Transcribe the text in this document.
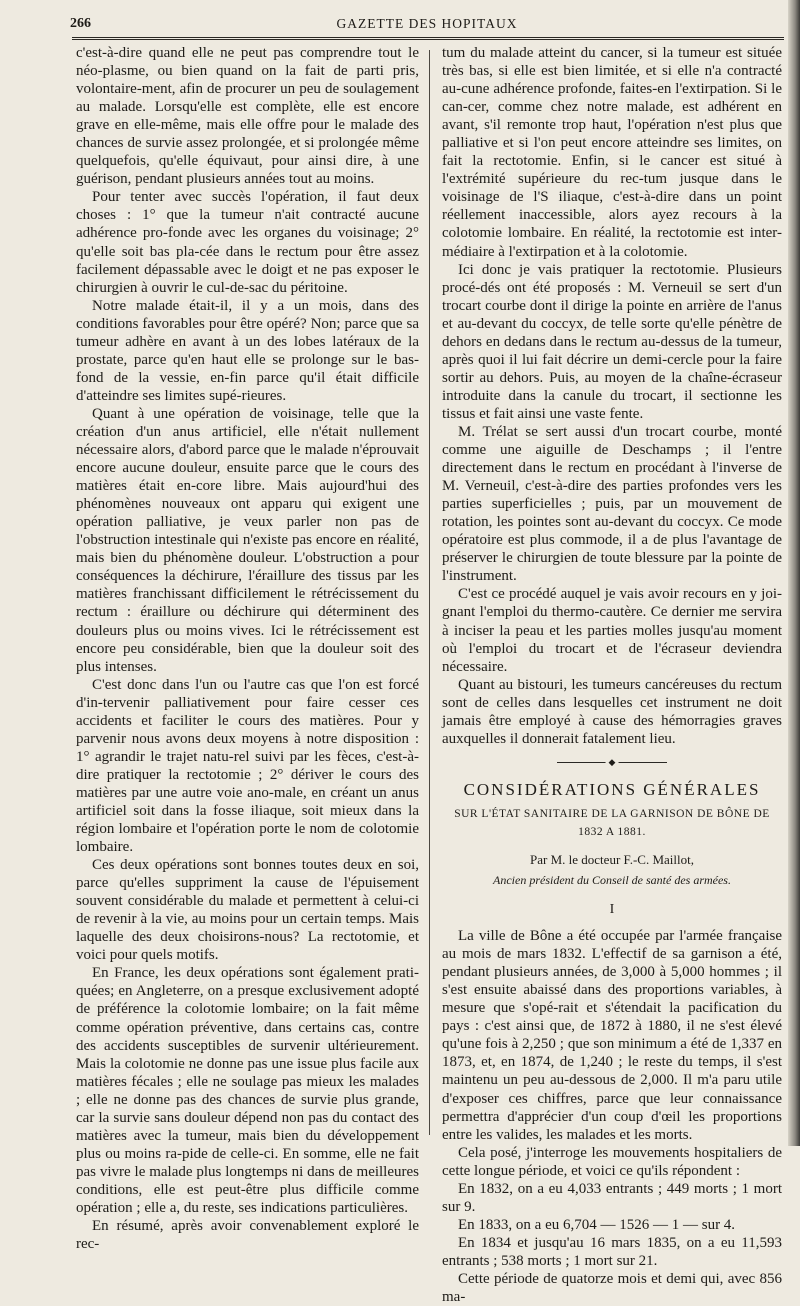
266	GAZETTE DES HOPITAUX

c'est-à-dire quand elle ne peut pas comprendre tout le néo-plasme, ou bien quand on la fait de parti pris, volontaire-ment, afin de procurer un peu de soulagement au malade. Lorsqu'elle est complète, elle est encore grave en elle-même, mais elle offre pour le malade des chances de survie assez prolongée, et si prolongée même quelquefois, qu'elle équivaut, pour ainsi dire, à une guérison, pendant plusieurs années tout au moins.

Pour tenter avec succès l'opération, il faut deux choses : 1° que la tumeur n'ait contracté aucune adhérence pro-fonde avec les organes du voisinage; 2° qu'elle soit bas pla-cée dans le rectum pour être assez facilement dépassable avec le doigt et ne pas exposer le chirurgien à ouvrir le cul-de-sac du péritoine.

Notre malade était-il, il y a un mois, dans des conditions favorables pour être opéré? Non; parce que sa tumeur adhère en avant à un des lobes latéraux de la prostate, parce qu'en haut elle se prolonge sur le bas-fond de la vessie, en-fin parce qu'il était difficile d'atteindre ses limites supé-rieures.

Quant à une opération de voisinage, telle que la création d'un anus artificiel, elle n'était nullement nécessaire alors, d'abord parce que le malade n'éprouvait encore aucune douleur, ensuite parce que le cours des matières était en-core libre. Mais aujourd'hui des phénomènes nouveaux ont apparu qui exigent une opération palliative, je veux parler non pas de l'obstruction intestinale qui n'existe pas encore en réalité, mais bien du phénomène douleur. L'obstruction a pour conséquences la déchirure, l'éraillure des tissus par les matières franchissant difficilement le rétrécissement du rectum : éraillure ou déchirure qui déterminent des douleurs plus ou moins vives. Ici le rétrécissement est encore peu considérable, bien que la douleur soit des plus intenses.

C'est donc dans l'un ou l'autre cas que l'on est forcé d'in-tervenir palliativement pour faire cesser ces accidents et faciliter le cours des matières. Pour y parvenir nous avons deux moyens à notre disposition : 1° agrandir le trajet natu-rel suivi par les fèces, c'est-à-dire pratiquer la rectotomie ; 2° dériver le cours des matières par une autre voie ano-male, en créant un anus artificiel soit dans la fosse iliaque, soit mieux dans la région lombaire et l'opération porte le nom de colotomie lombaire.

Ces deux opérations sont bonnes toutes deux en soi, parce qu'elles suppriment la cause de l'épuisement souvent considérable du malade et permettent à celui-ci de revenir à la vie, au moins pour un certain temps. Mais laquelle des deux choisirons-nous? La rectotomie, et voici pour quels motifs.

En France, les deux opérations sont également prati-quées; en Angleterre, on a presque exclusivement adopté de préférence la colotomie lombaire; on la fait même comme opération préventive, dans certains cas, contre des accidents susceptibles de survenir ultérieurement. Mais la colotomie ne donne pas une issue plus facile aux matières fécales ; elle ne soulage pas mieux les malades ; elle ne donne pas des chances de survie plus grande, car la survie sans douleur dépend non pas du contact des matières avec la tumeur, mais bien du développement plus ou moins ra-pide de celle-ci. En somme, elle ne fait pas vivre le malade plus longtemps ni dans de meilleures conditions, elle est peut-être plus difficile comme opération ; elle a, du reste, ses indications particulières.

En résumé, après avoir convenablement exploré le rec-

tum du malade atteint du cancer, si la tumeur est située très bas, si elle est bien limitée, et si elle n'a contracté au-cune adhérence profonde, faites-en l'extirpation. Si le can-cer, comme chez notre malade, est adhérent en avant, s'il remonte trop haut, l'opération n'est plus que palliative et si l'on peut encore atteindre ses limites, on fait la rectotomie. Enfin, si le cancer est situé à l'extrémité supérieure du rec-tum jusque dans le voisinage de l'S iliaque, c'est-à-dire dans un point réellement inaccessible, alors ayez recours à la colotomie lombaire. En réalité, la rectotomie est inter-médiaire à l'extirpation et à la colotomie.

Ici donc je vais pratiquer la rectotomie. Plusieurs procé-dés ont été proposés : M. Verneuil se sert d'un trocart courbe dont il dirige la pointe en arrière de l'anus et au-devant du coccyx, de telle sorte qu'elle pénètre de dehors en dedans dans le rectum au-dessus de la tumeur, après quoi il lui fait décrire un demi-cercle pour la faire sortir au dehors. Puis, au moyen de la chaîne-écraseur introduite dans la canule du trocart, il sectionne les tissus et fait ainsi une vaste fente.

M. Trélat se sert aussi d'un trocart courbe, monté comme une aiguille de Deschamps ; il l'entre directement dans le rectum en procédant à l'inverse de M. Verneuil, c'est-à-dire des parties profondes vers les parties superficielles ; puis, par un mouvement de rotation, les pointes sont au-devant du coccyx. Ce mode opératoire est plus commode, il a de plus l'avantage de préserver le chirurgien de toute blessure par la pointe de l'instrument.

C'est ce procédé auquel je vais avoir recours en y joi-gnant l'emploi du thermo-cautère. Ce dernier me servira à inciser la peau et les parties molles jusqu'au moment où l'emploi du trocart et de l'écraseur deviendra nécessaire.

Quant au bistouri, les tumeurs cancéreuses du rectum sont de celles dans lesquelles cet instrument ne doit jamais être employé à cause des hémorragies graves auxquelles il donnerait fatalement lieu.

◆
CONSIDÉRATIONS GÉNÉRALES
SUR L'ÉTAT SANITAIRE DE LA GARNISON DE BÔNE DE 1832 A 1881.
Par M. le docteur F.-C. Maillot,
Ancien président du Conseil de santé des armées.
I

La ville de Bône a été occupée par l'armée française au mois de mars 1832. L'effectif de sa garnison a été, pendant plusieurs années, de 3,000 à 5,000 hommes ; il s'est ensuite abaissé dans des proportions variables, à mesure que s'opé-rait et s'étendait la pacification du pays : c'est ainsi que, de 1872 à 1880, il ne s'est élevé qu'une fois à 2,250 ; que son minimum a été de 1,337 en 1873, et, en 1874, de 1,240 ; le reste du temps, il s'est maintenu un peu au-dessous de 2,000. Il m'a paru utile d'exposer ces chiffres, parce que leur connaissance permettra d'apprécier d'un coup d'œil les proportions entre les valides, les malades et les morts.

Cela posé, j'interroge les mouvements hospitaliers de cette longue période, et voici ce qu'ils répondent :

En 1832, on a eu 4,033 entrants ; 449 morts ; 1 mort sur 9.

En 1833, on a eu 6,704 — 1526 — 1 — sur 4.

En 1834 et jusqu'au 16 mars 1835, on a eu 11,593 entrants ; 538 morts ; 1 mort sur 21.

Cette période de quatorze mois et demi qui, avec 856 ma-
